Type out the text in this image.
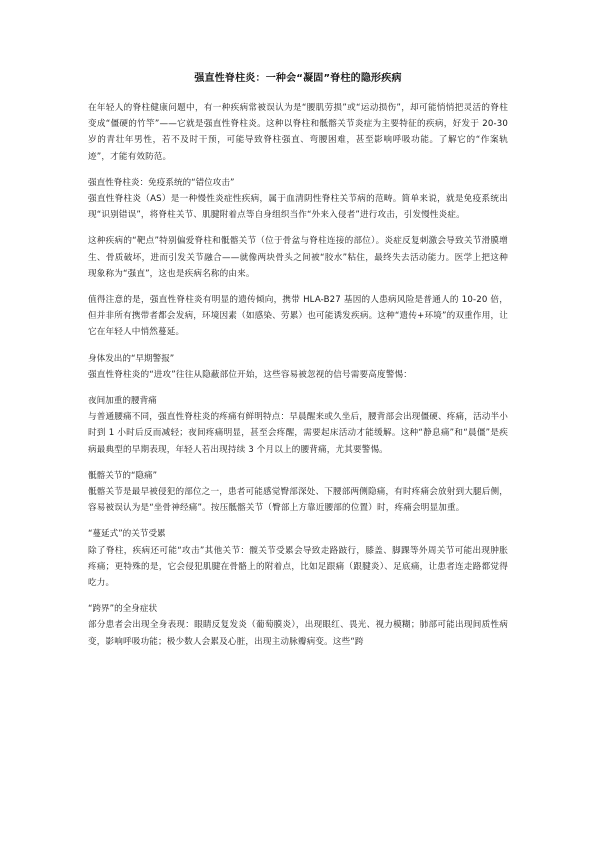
强直性脊柱炎：一种会“凝固”脊柱的隐形疾病

在年轻人的脊柱健康问题中，有一种疾病常被误认为是“腰肌劳损”或“运动损伤”，却可能悄悄把灵活的脊柱变成“僵硬的竹竿”——它就是强直性脊柱炎。这种以脊柱和骶髂关节炎症为主要特征的疾病，好发于 20-30 岁的青壮年男性，若不及时干预，可能导致脊柱强直、弯腰困难，甚至影响呼吸功能。了解它的“作案轨迹”，才能有效防范。

强直性脊柱炎：免疫系统的“错位攻击”

强直性脊柱炎（AS）是一种慢性炎症性疾病，属于血清阴性脊柱关节病的范畴。简单来说，就是免疫系统出现“识别错误”，将脊柱关节、肌腱附着点等自身组织当作“外来入侵者”进行攻击，引发慢性炎症。

这种疾病的“靶点”特别偏爱脊柱和骶髂关节（位于骨盆与脊柱连接的部位）。炎症反复刺激会导致关节滑膜增生、骨质破坏，进而引发关节融合——就像两块骨头之间被“胶水”粘住，最终失去活动能力。医学上把这种现象称为“强直”，这也是疾病名称的由来。

值得注意的是，强直性脊柱炎有明显的遗传倾向，携带 HLA-B27 基因的人患病风险是普通人的 10-20 倍，但并非所有携带者都会发病，环境因素（如感染、劳累）也可能诱发疾病。这种“遗传+环境”的双重作用，让它在年轻人中悄然蔓延。

身体发出的“早期警报”

强直性脊柱炎的“进攻”往往从隐蔽部位开始，这些容易被忽视的信号需要高度警惕：

夜间加重的腰背痛

与普通腰痛不同，强直性脊柱炎的疼痛有鲜明特点：早晨醒来或久坐后，腰背部会出现僵硬、疼痛，活动半小时到 1 小时后反而减轻；夜间疼痛明显，甚至会疼醒，需要起床活动才能缓解。这种“静息痛”和“晨僵”是疾病最典型的早期表现，年轻人若出现持续 3 个月以上的腰背痛，尤其要警惕。

骶髂关节的“隐痛”

骶髂关节是最早被侵犯的部位之一，患者可能感觉臀部深处、下腰部两侧隐痛，有时疼痛会放射到大腿后侧，容易被误认为是“坐骨神经痛”。按压骶髂关节（臀部上方靠近腰部的位置）时，疼痛会明显加重。

“蔓延式”的关节受累

除了脊柱，疾病还可能“攻击”其他关节：髋关节受累会导致走路跛行，膝盖、脚踝等外周关节可能出现肿胀疼痛；更特殊的是，它会侵犯肌腱在骨骼上的附着点，比如足跟痛（跟腱炎）、足底痛，让患者连走路都觉得吃力。

“跨界”的全身症状

部分患者会出现全身表现：眼睛反复发炎（葡萄膜炎），出现眼红、畏光、视力模糊；肺部可能出现间质性病变，影响呼吸功能；极少数人会累及心脏，出现主动脉瓣病变。这些“跨
